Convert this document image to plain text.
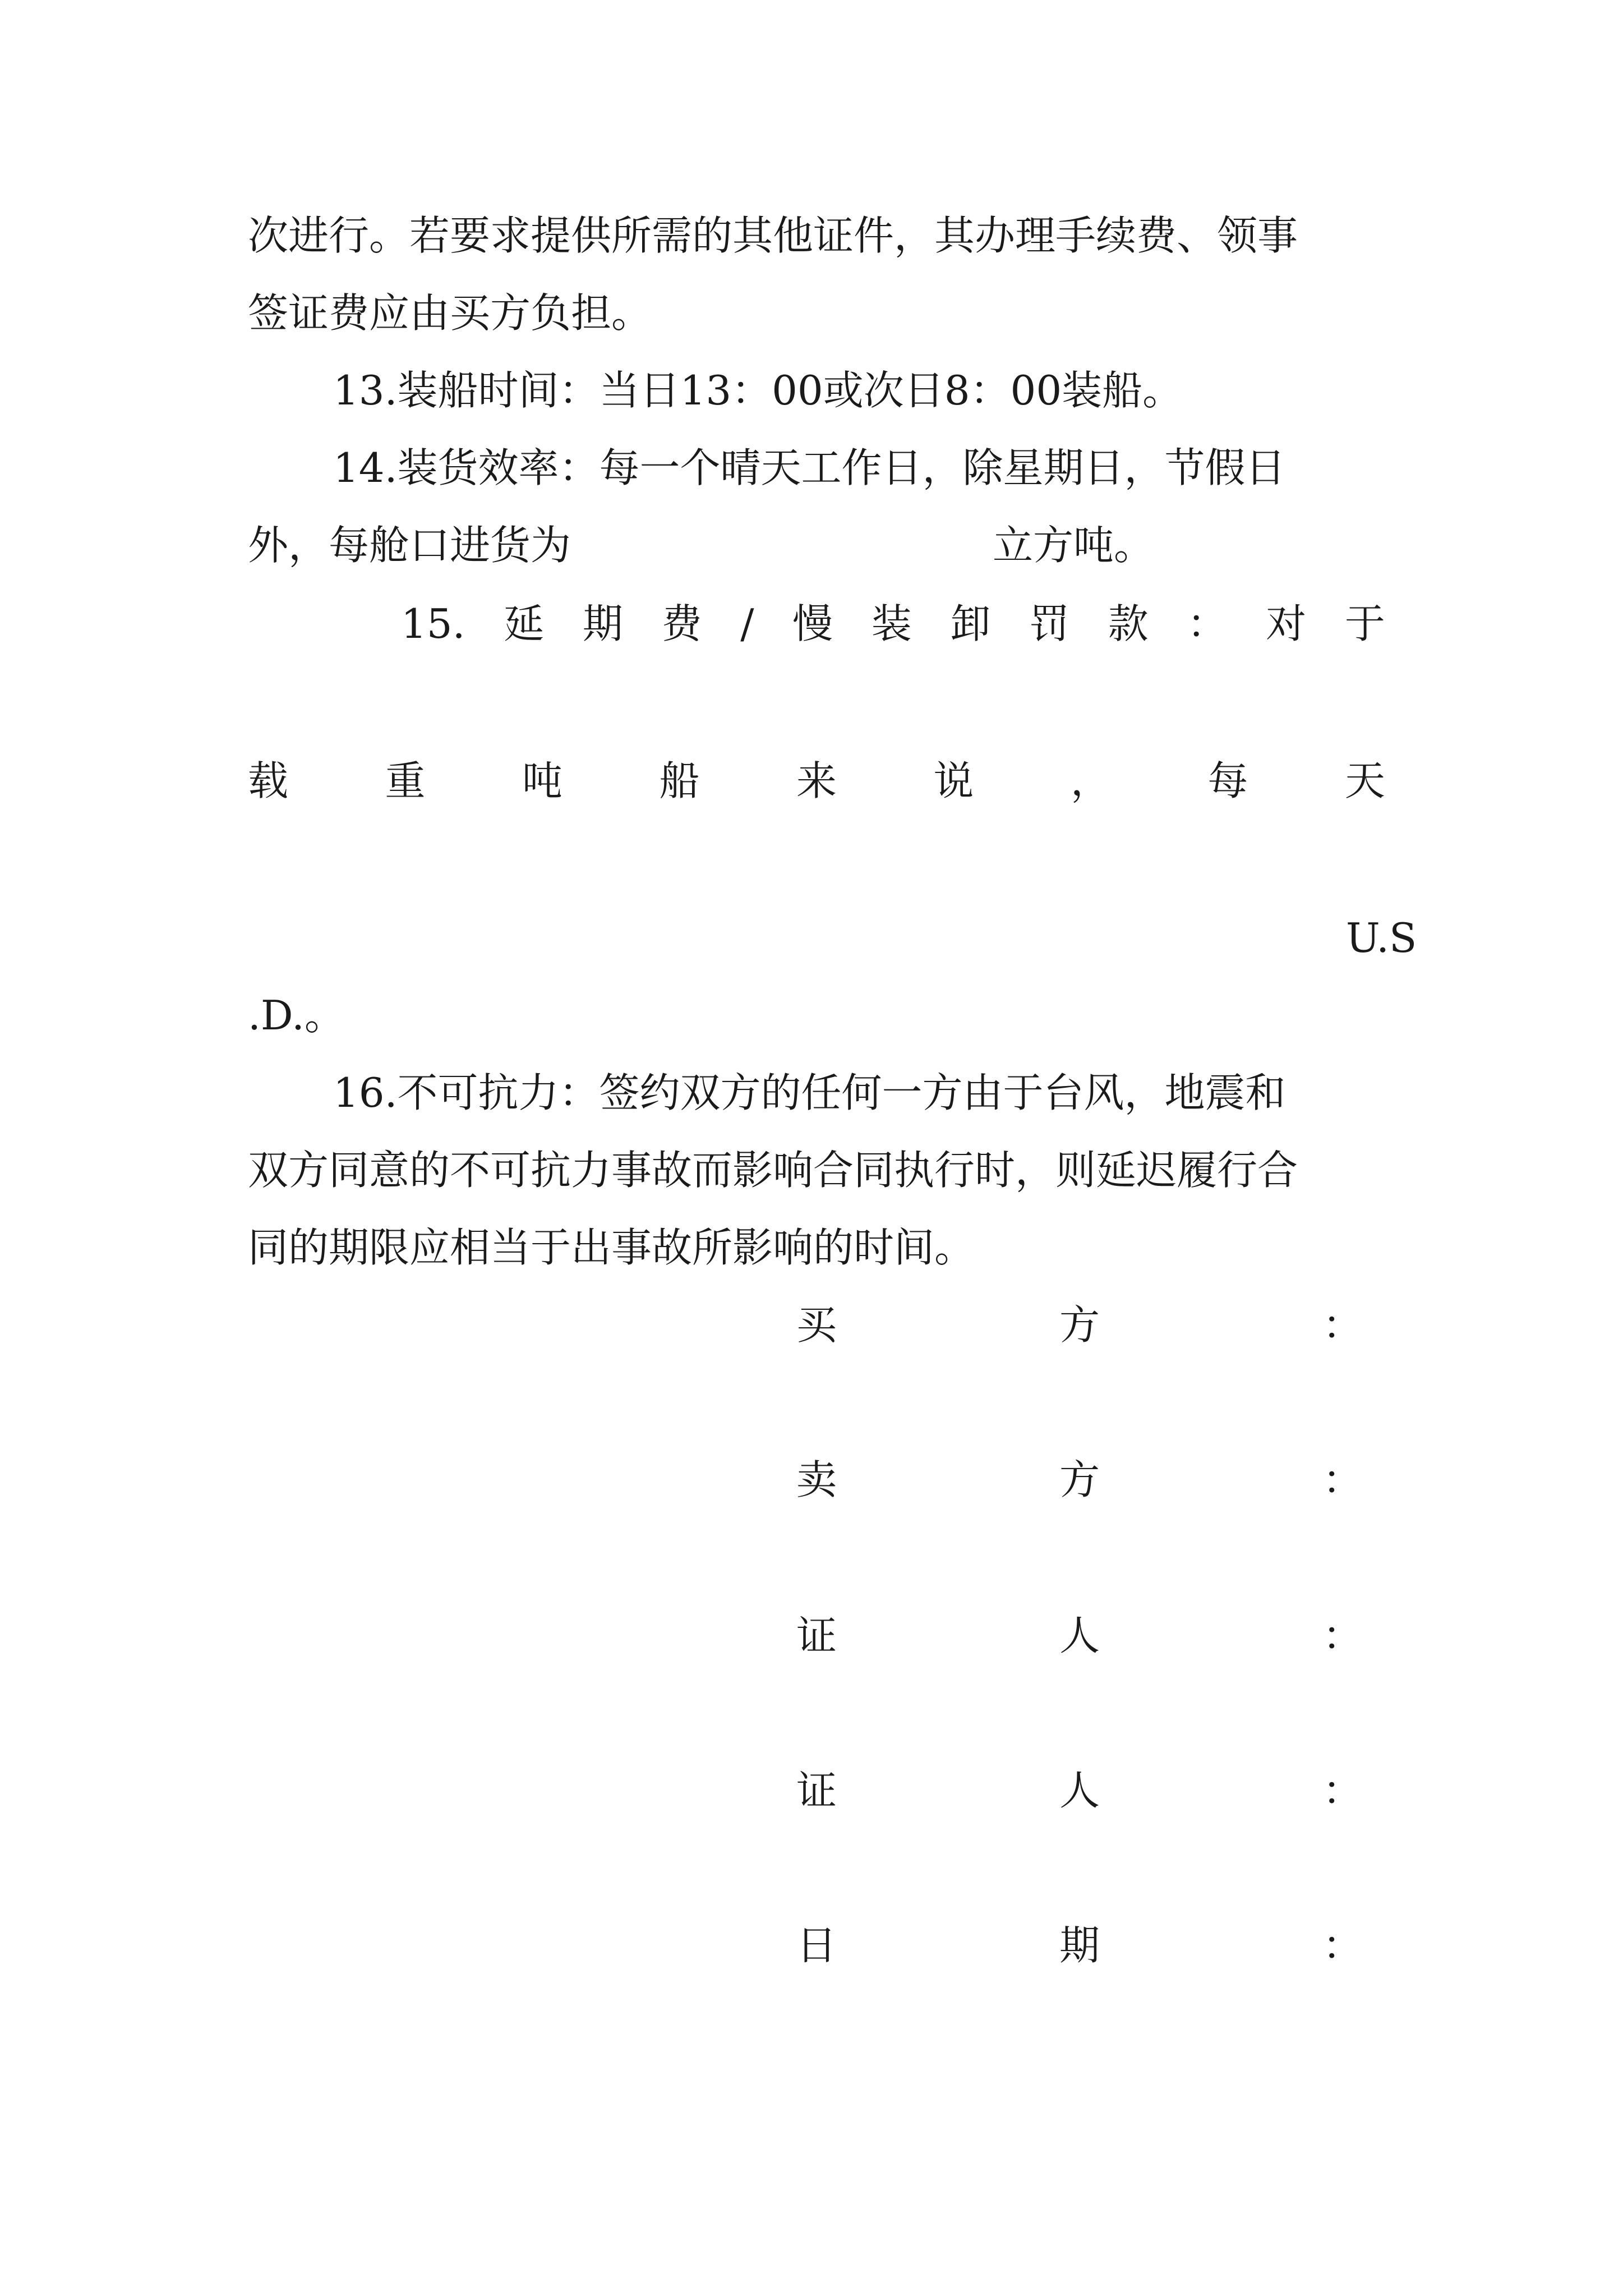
次进行。若要求提供所需的其他证件，其办理手续费、领事

签证费应由买方负担。

13.装船时间：当日13：00或次日8：00装船。

14.装货效率：每一个晴天工作日，除星期日，节假日

外，每舱口进货为	立方吨。

15. 延 期 费 / 慢 装 卸 罚 款 ： 对 于
载 重 吨 船 来 说 ， 每 天

U.S

.D.。

16.不可抗力：签约双方的任何一方由于台风，地震和

双方同意的不可抗力事故而影响合同执行时，则延迟履行合

同的期限应相当于出事故所影响的时间。

买	方	：
卖	方	：
证	人	：
证	人	：
日	期	：
